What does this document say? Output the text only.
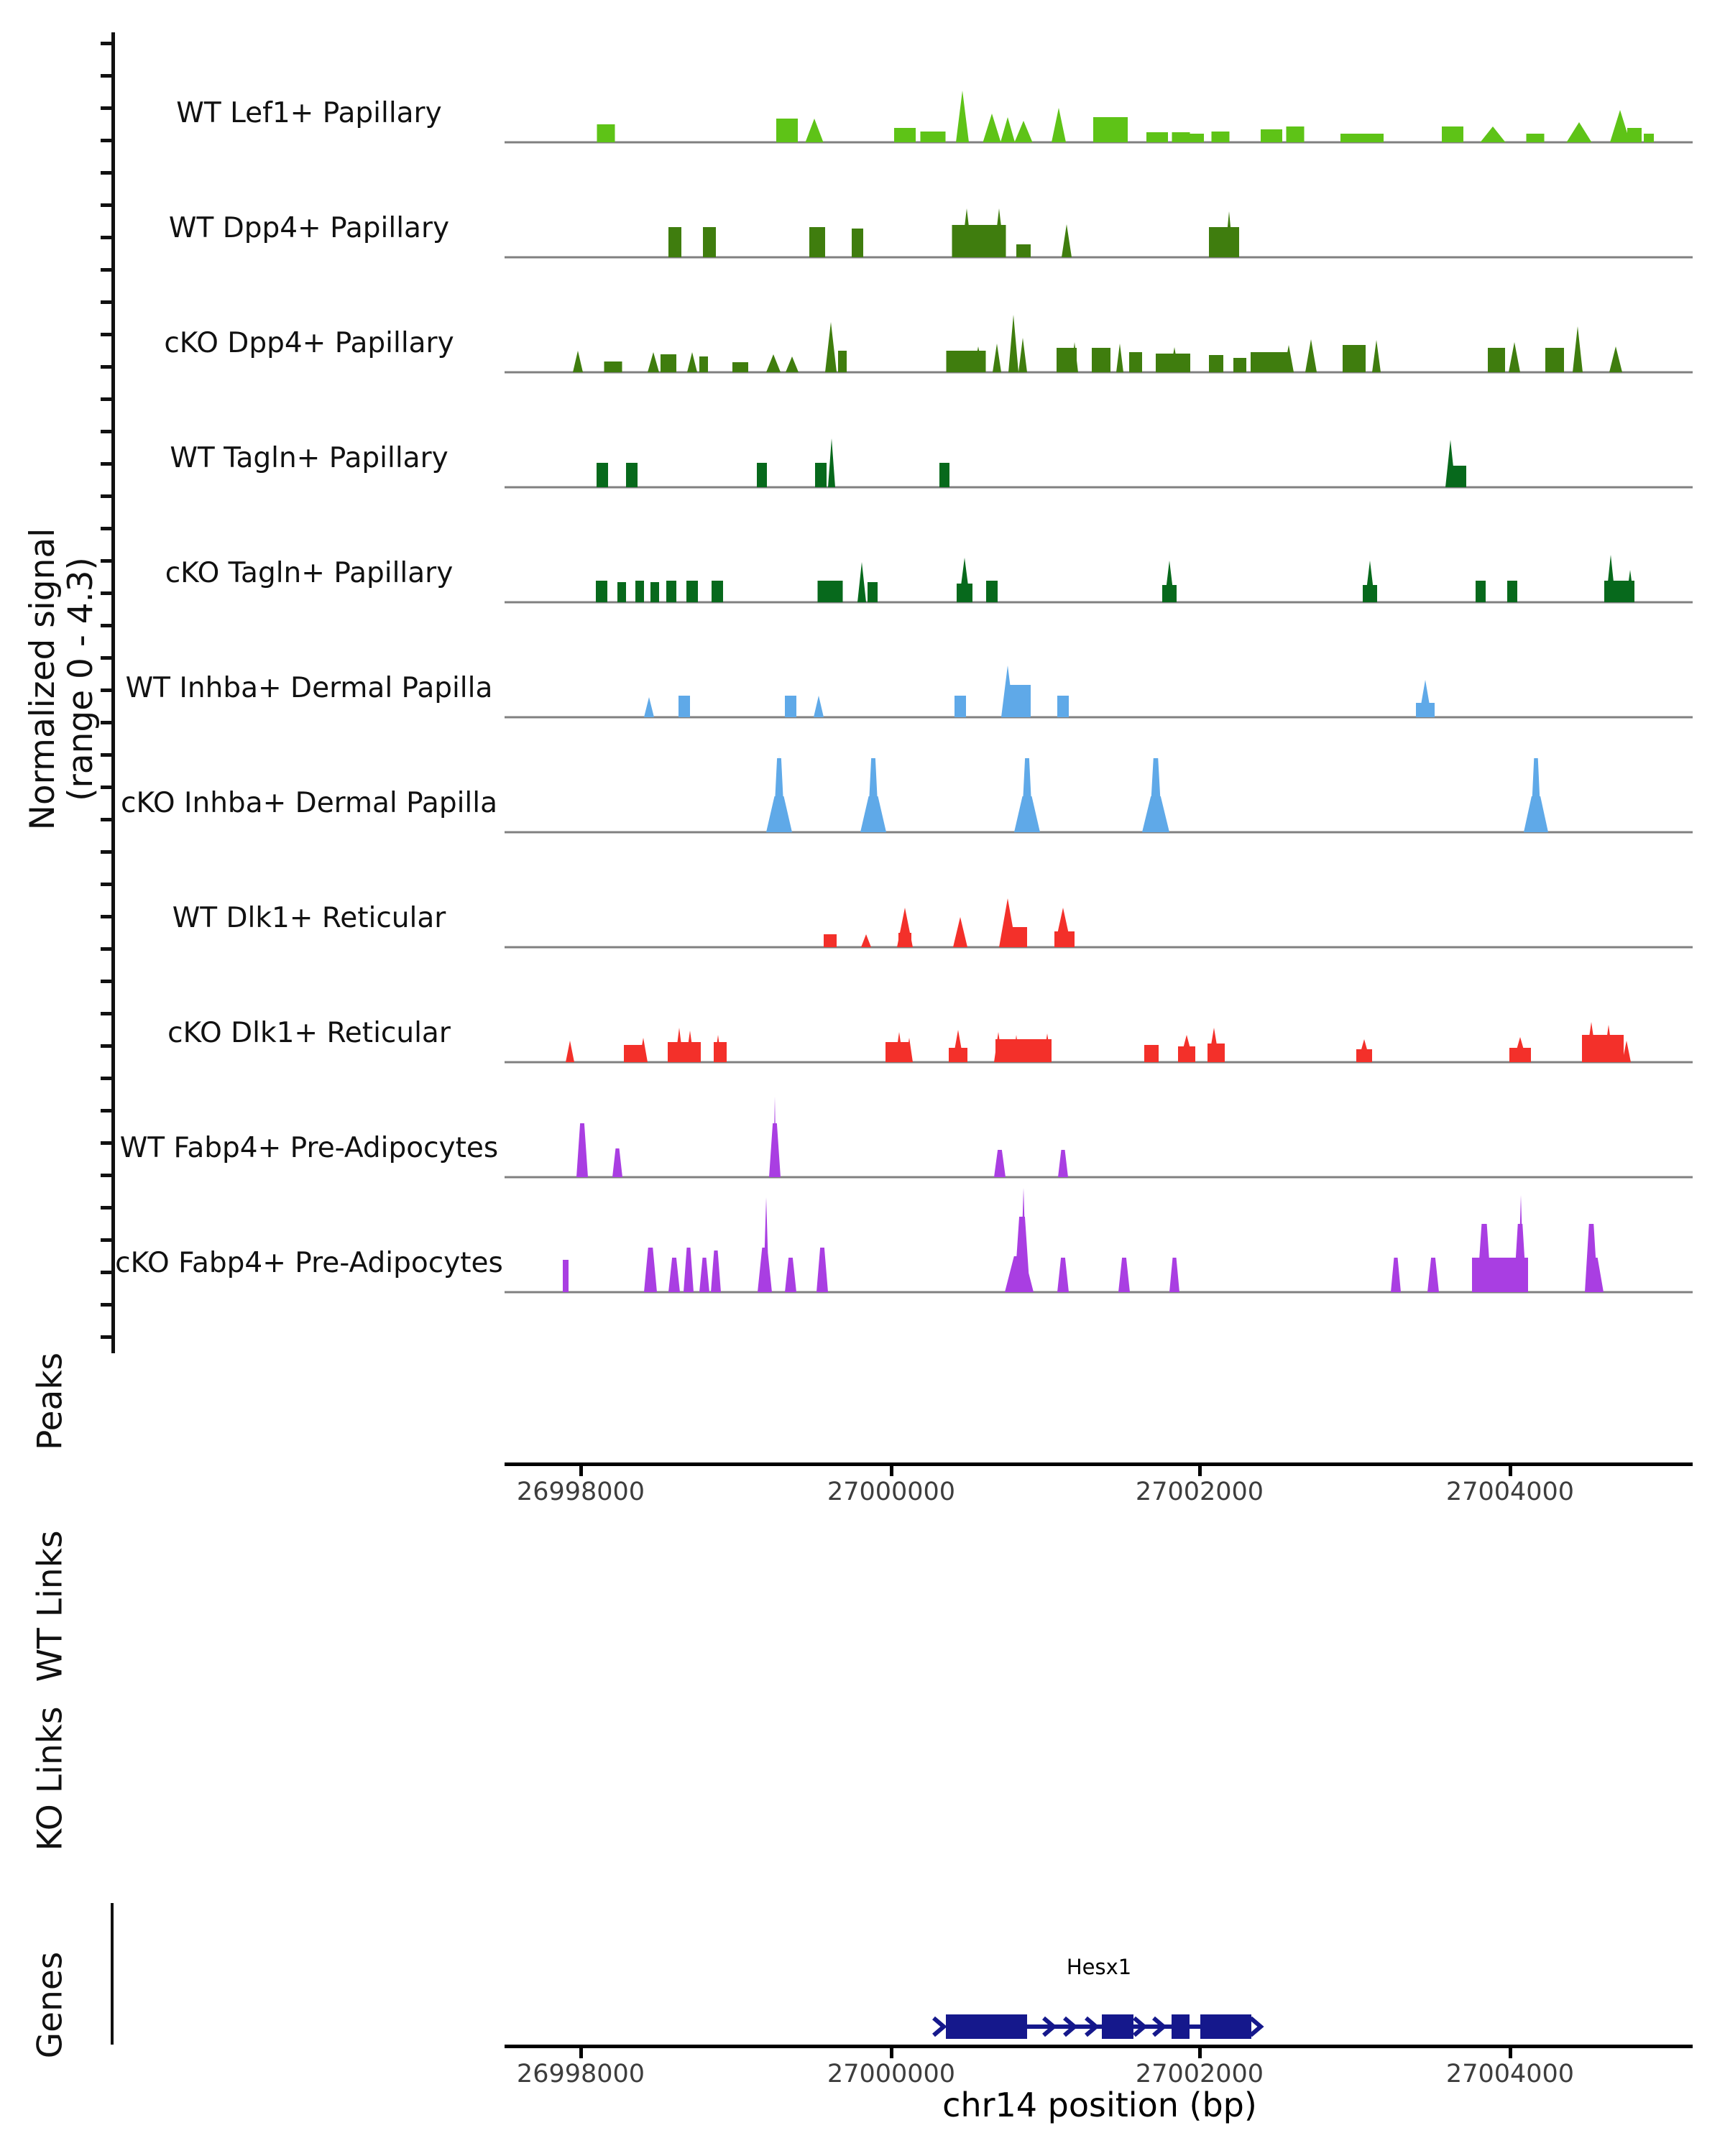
Normalized signal
(range 0 - 4.3)
Peaks
WT Links
KO Links
Genes	Hesx1
chr14 position (bp)
WT Lef1+ Papillary
WT Dpp4+ Papillary
cKO Dpp4+ Papillary
WT Tagln+ Papillary
cKO Tagln+ Papillary
WT Inhba+ Dermal Papilla
cKO Inhba+ Dermal Papilla
WT Dlk1+ Reticular
cKO Dlk1+ Reticular
WT Fabp4+ Pre-Adipocytes
cKO Fabp4+ Pre-Adipocytes
26998000	27000000	27002000	27004000
26998000	27000000	27002000	27004000
